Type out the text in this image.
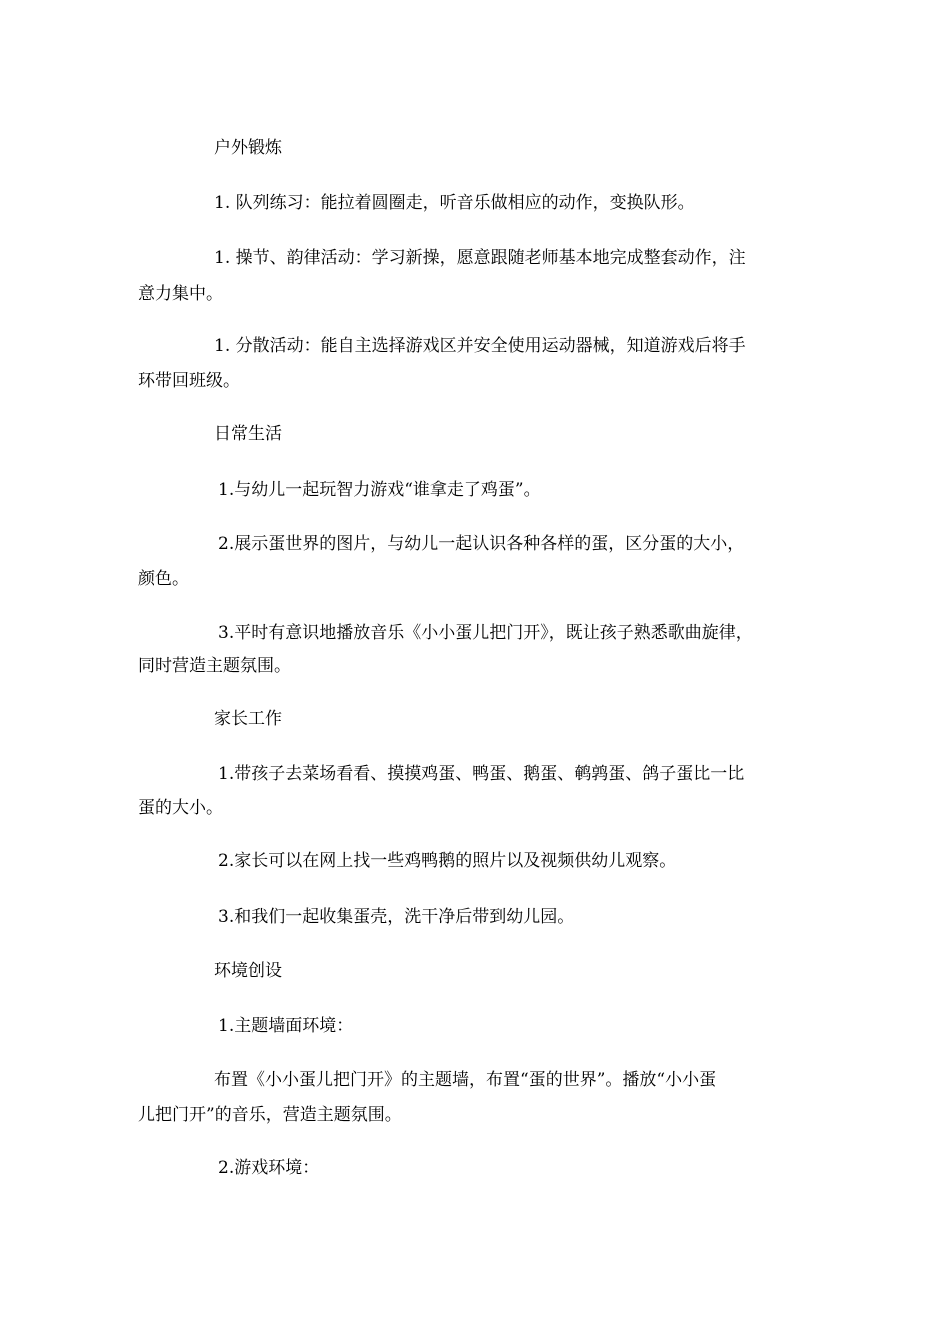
户外锻炼
1. 队列练习：能拉着圆圈走，听音乐做相应的动作，变换队形。
1. 操节、韵律活动：学习新操，愿意跟随老师基本地完成整套动作，注
意力集中。
1. 分散活动：能自主选择游戏区并安全使用运动器械，知道游戏后将手
环带回班级。
日常生活
1.与幼儿一起玩智力游戏“谁拿走了鸡蛋”。
2.展示蛋世界的图片，与幼儿一起认识各种各样的蛋，区分蛋的大小，
颜色。
3.平时有意识地播放音乐《小小蛋儿把门开》，既让孩子熟悉歌曲旋律，
同时营造主题氛围。
家长工作
1.带孩子去菜场看看、摸摸鸡蛋、鸭蛋、鹅蛋、鹌鹑蛋、鸽子蛋比一比
蛋的大小。
2.家长可以在网上找一些鸡鸭鹅的照片以及视频供幼儿观察。
3.和我们一起收集蛋壳，洗干净后带到幼儿园。
环境创设
1.主题墙面环境：
布置《小小蛋儿把门开》的主题墙，布置“蛋的世界”。播放“小小蛋
儿把门开”的音乐，营造主题氛围。
2.游戏环境：
